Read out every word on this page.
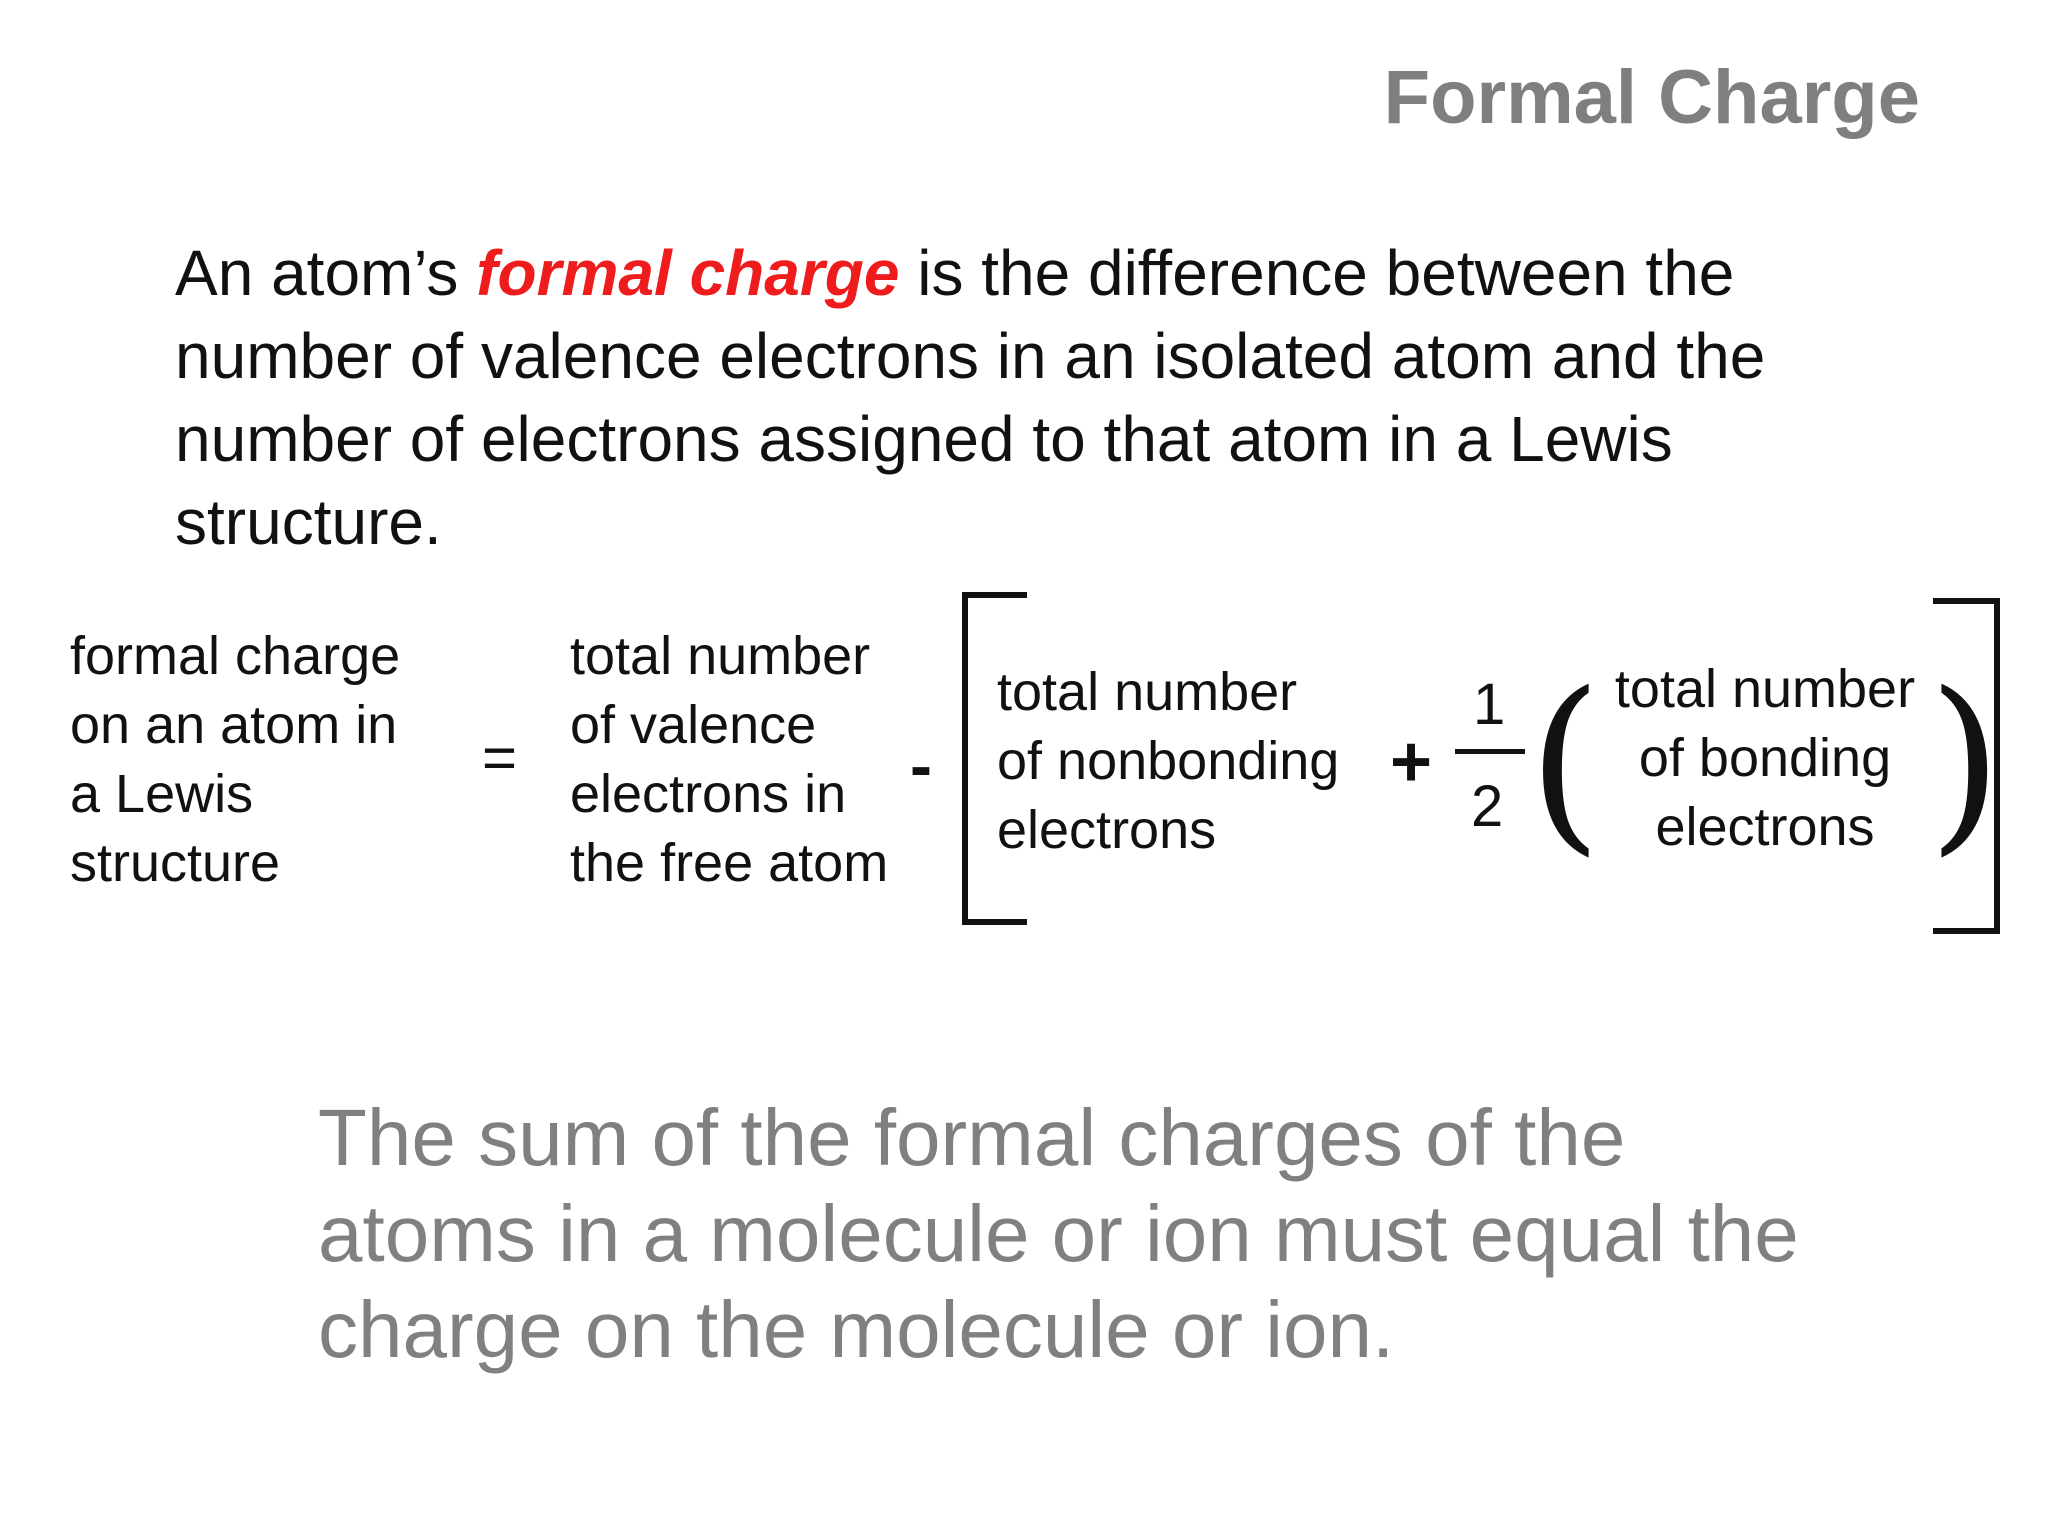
Formal Charge
An atom’s formal charge is the difference between the number of valence electrons in an isolated atom and the number of electrons assigned to that atom in a Lewis structure.
formal charge
on an atom in
a Lewis
structure
=
total number
of valence
electrons in
the free atom
-
total number
of nonbonding
electrons
+
1
2 ( total number
of bonding
electrons )
The sum of the formal charges of the atoms in a molecule or ion must equal the charge on the molecule or ion.
